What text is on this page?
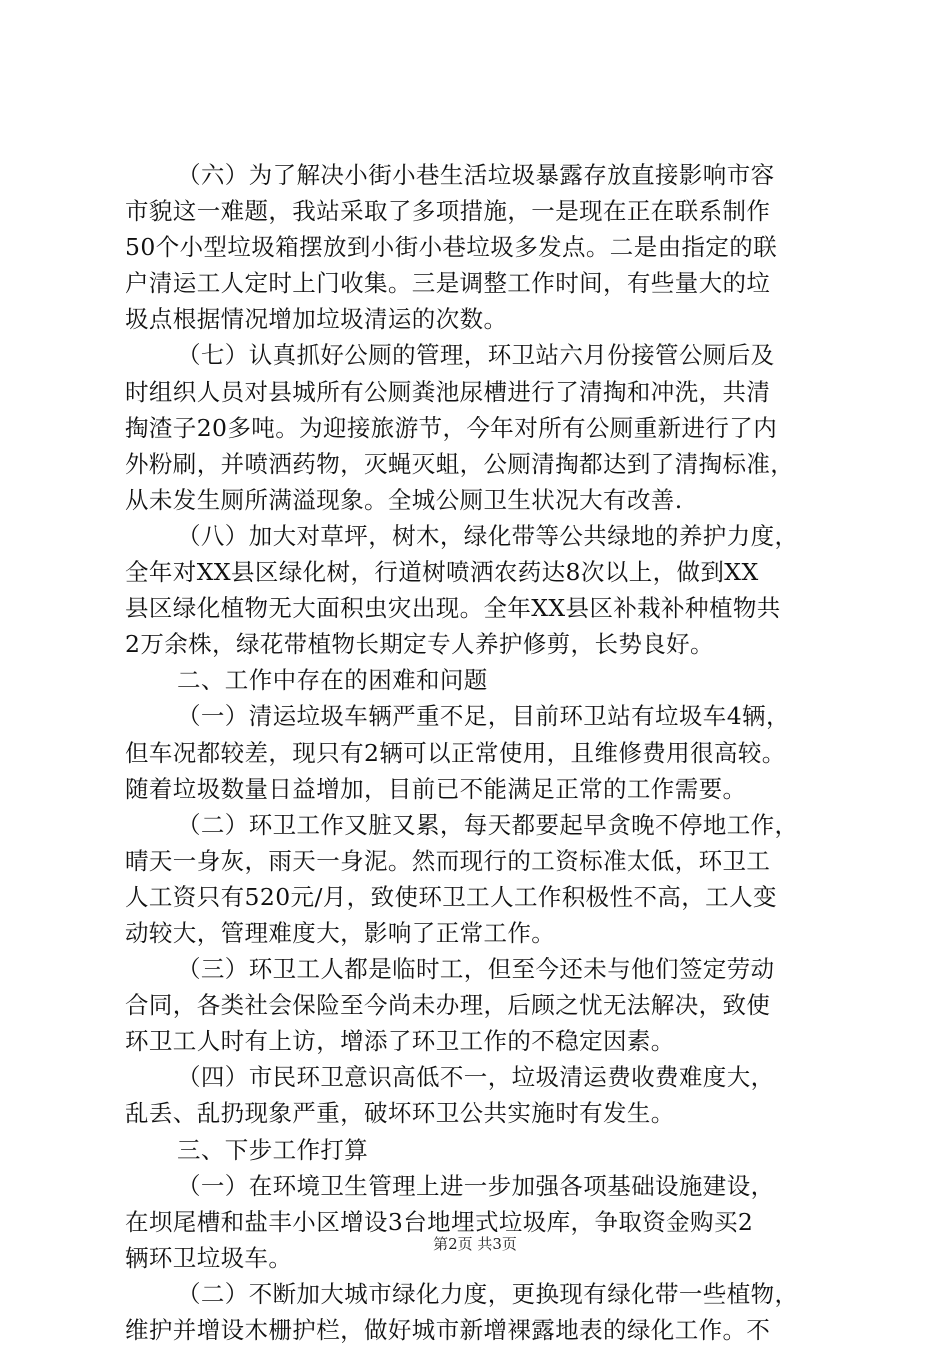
（六）为了解决小街小巷生活垃圾暴露存放直接影响市容
市貌这一难题，我站采取了多项措施，一是现在正在联系制作
50个小型垃圾箱摆放到小街小巷垃圾多发点。二是由指定的联
户清运工人定时上门收集。三是调整工作时间，有些量大的垃
圾点根据情况增加垃圾清运的次数。
（七）认真抓好公厕的管理，环卫站六月份接管公厕后及
时组织人员对县城所有公厕粪池尿槽进行了清掏和冲洗，共清
掏渣子20多吨。为迎接旅游节，今年对所有公厕重新进行了内
外粉刷，并喷洒药物，灭蝇灭蛆，公厕清掏都达到了清掏标准，
从未发生厕所满溢现象。全城公厕卫生状况大有改善.
（八）加大对草坪，树木，绿化带等公共绿地的养护力度，
全年对XX县区绿化树，行道树喷洒农药达8次以上，做到XX
县区绿化植物无大面积虫灾出现。全年XX县区补栽补种植物共
2万余株，绿花带植物长期定专人养护修剪，长势良好。
二、工作中存在的困难和问题
（一）清运垃圾车辆严重不足，目前环卫站有垃圾车4辆，
但车况都较差，现只有2辆可以正常使用，且维修费用很高较。
随着垃圾数量日益增加，目前已不能满足正常的工作需要。
（二）环卫工作又脏又累，每天都要起早贪晚不停地工作，
晴天一身灰，雨天一身泥。然而现行的工资标准太低，环卫工
人工资只有520元/月，致使环卫工人工作积极性不高，工人变
动较大，管理难度大，影响了正常工作。
（三）环卫工人都是临时工，但至今还未与他们签定劳动
合同，各类社会保险至今尚未办理，后顾之忧无法解决，致使
环卫工人时有上访，增添了环卫工作的不稳定因素。
（四）市民环卫意识高低不一，垃圾清运费收费难度大，
乱丢、乱扔现象严重，破坏环卫公共实施时有发生。
三、下步工作打算
（一）在环境卫生管理上进一步加强各项基础设施建设，
在坝尾槽和盐丰小区增设3台地埋式垃圾库，争取资金购买2
辆环卫垃圾车。
（二）不断加大城市绿化力度，更换现有绿化带一些植物，
维护并增设木栅护栏，做好城市新增裸露地表的绿化工作。不
第2页 共3页
